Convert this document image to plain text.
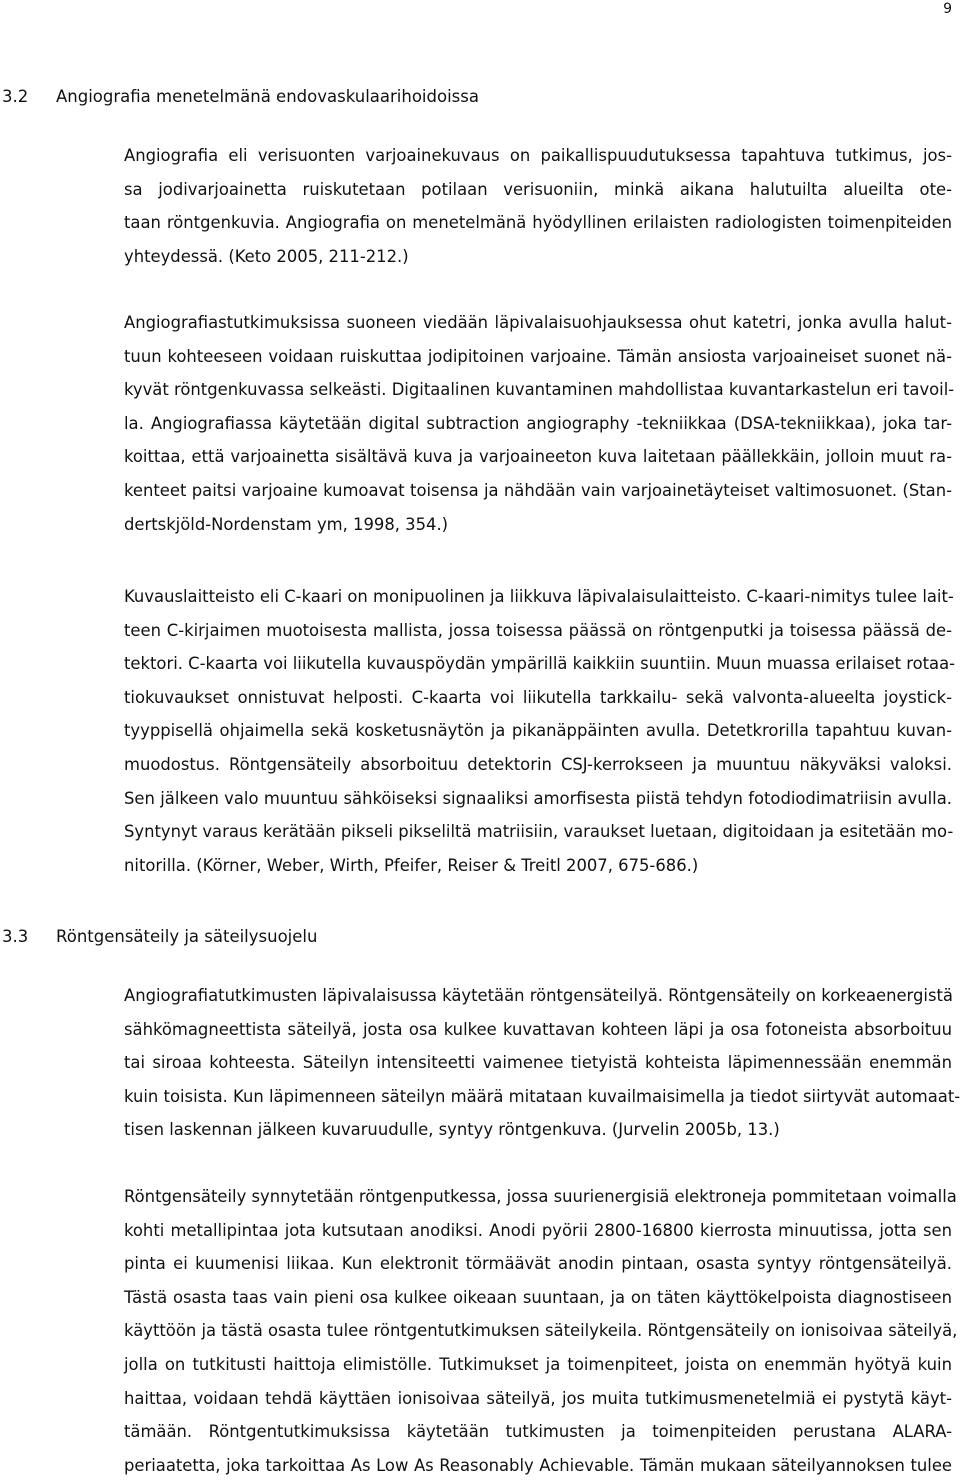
9
3.2 Angiografia menetelmänä endovaskulaarihoidoissa
Angiografia eli verisuonten varjoainekuvaus on paikallispuudutuksessa tapahtuva tutkimus, jos-
sa jodivarjoainetta ruiskutetaan potilaan verisuoniin, minkä aikana halutuilta alueilta ote-
taan röntgenkuvia. Angiografia on menetelmänä hyödyllinen erilaisten radiologisten toimenpiteiden
yhteydessä. (Keto 2005, 211-212.)
Angiografiastutkimuksissa suoneen viedään läpivalaisuohjauksessa ohut katetri, jonka avulla halut-
tuun kohteeseen voidaan ruiskuttaa jodipitoinen varjoaine. Tämän ansiosta varjoaineiset suonet nä-
kyvät röntgenkuvassa selkeästi. Digitaalinen kuvantaminen mahdollistaa kuvantarkastelun eri tavoil-
la. Angiografiassa käytetään digital subtraction angiography -tekniikkaa (DSA-tekniikkaa), joka tar-
koittaa, että varjoainetta sisältävä kuva ja varjoaineeton kuva laitetaan päällekkäin, jolloin muut ra-
kenteet paitsi varjoaine kumoavat toisensa ja nähdään vain varjoainetäyteiset valtimosuonet. (Stan-
dertskjöld-Nordenstam ym, 1998, 354.)
Kuvauslaitteisto eli C-kaari on monipuolinen ja liikkuva läpivalaisulaitteisto. C-kaari-nimitys tulee lait-
teen C-kirjaimen muotoisesta mallista, jossa toisessa päässä on röntgenputki ja toisessa päässä de-
tektori. C-kaarta voi liikutella kuvauspöydän ympärillä kaikkiin suuntiin. Muun muassa erilaiset rotaa-
tiokuvaukset onnistuvat helposti. C-kaarta voi liikutella tarkkailu- sekä valvonta-alueelta joystick-
tyyppisellä ohjaimella sekä kosketusnäytön ja pikanäppäinten avulla. Detetkrorilla tapahtuu kuvan-
muodostus. Röntgensäteily absorboituu detektorin CSJ-kerrokseen ja muuntuu näkyväksi valoksi.
Sen jälkeen valo muuntuu sähköiseksi signaaliksi amorfisesta piistä tehdyn fotodiodimatriisin avulla.
Syntynyt varaus kerätään pikseli pikseliltä matriisiin, varaukset luetaan, digitoidaan ja esitetään mo-
nitorilla. (Körner, Weber, Wirth, Pfeifer, Reiser & Treitl 2007, 675-686.)
3.3 Röntgensäteily ja säteilysuojelu
Angiografiatutkimusten läpivalaisussa käytetään röntgensäteilyä. Röntgensäteily on korkeaenergistä
sähkömagneettista säteilyä, josta osa kulkee kuvattavan kohteen läpi ja osa fotoneista absorboituu
tai siroaa kohteesta. Säteilyn intensiteetti vaimenee tietyistä kohteista läpimennessään enemmän
kuin toisista. Kun läpimenneen säteilyn määrä mitataan kuvailmaisimella ja tiedot siirtyvät automaat-
tisen laskennan jälkeen kuvaruudulle, syntyy röntgenkuva. (Jurvelin 2005b, 13.)
Röntgensäteily synnytetään röntgenputkessa, jossa suurienergisiä elektroneja pommitetaan voimalla
kohti metallipintaa jota kutsutaan anodiksi. Anodi pyörii 2800-16800 kierrosta minuutissa, jotta sen
pinta ei kuumenisi liikaa. Kun elektronit törmäävät anodin pintaan, osasta syntyy röntgensäteilyä.
Tästä osasta taas vain pieni osa kulkee oikeaan suuntaan, ja on täten käyttökelpoista diagnostiseen
käyttöön ja tästä osasta tulee röntgentutkimuksen säteilykeila. Röntgensäteily on ionisoivaa säteilyä,
jolla on tutkitusti haittoja elimistölle. Tutkimukset ja toimenpiteet, joista on enemmän hyötyä kuin
haittaa, voidaan tehdä käyttäen ionisoivaa säteilyä, jos muita tutkimusmenetelmiä ei pystytä käyt-
tämään. Röntgentutkimuksissa käytetään tutkimusten ja toimenpiteiden perustana ALARA-
periaatetta, joka tarkoittaa As Low As Reasonably Achievable. Tämän mukaan säteilyannoksen tulee
